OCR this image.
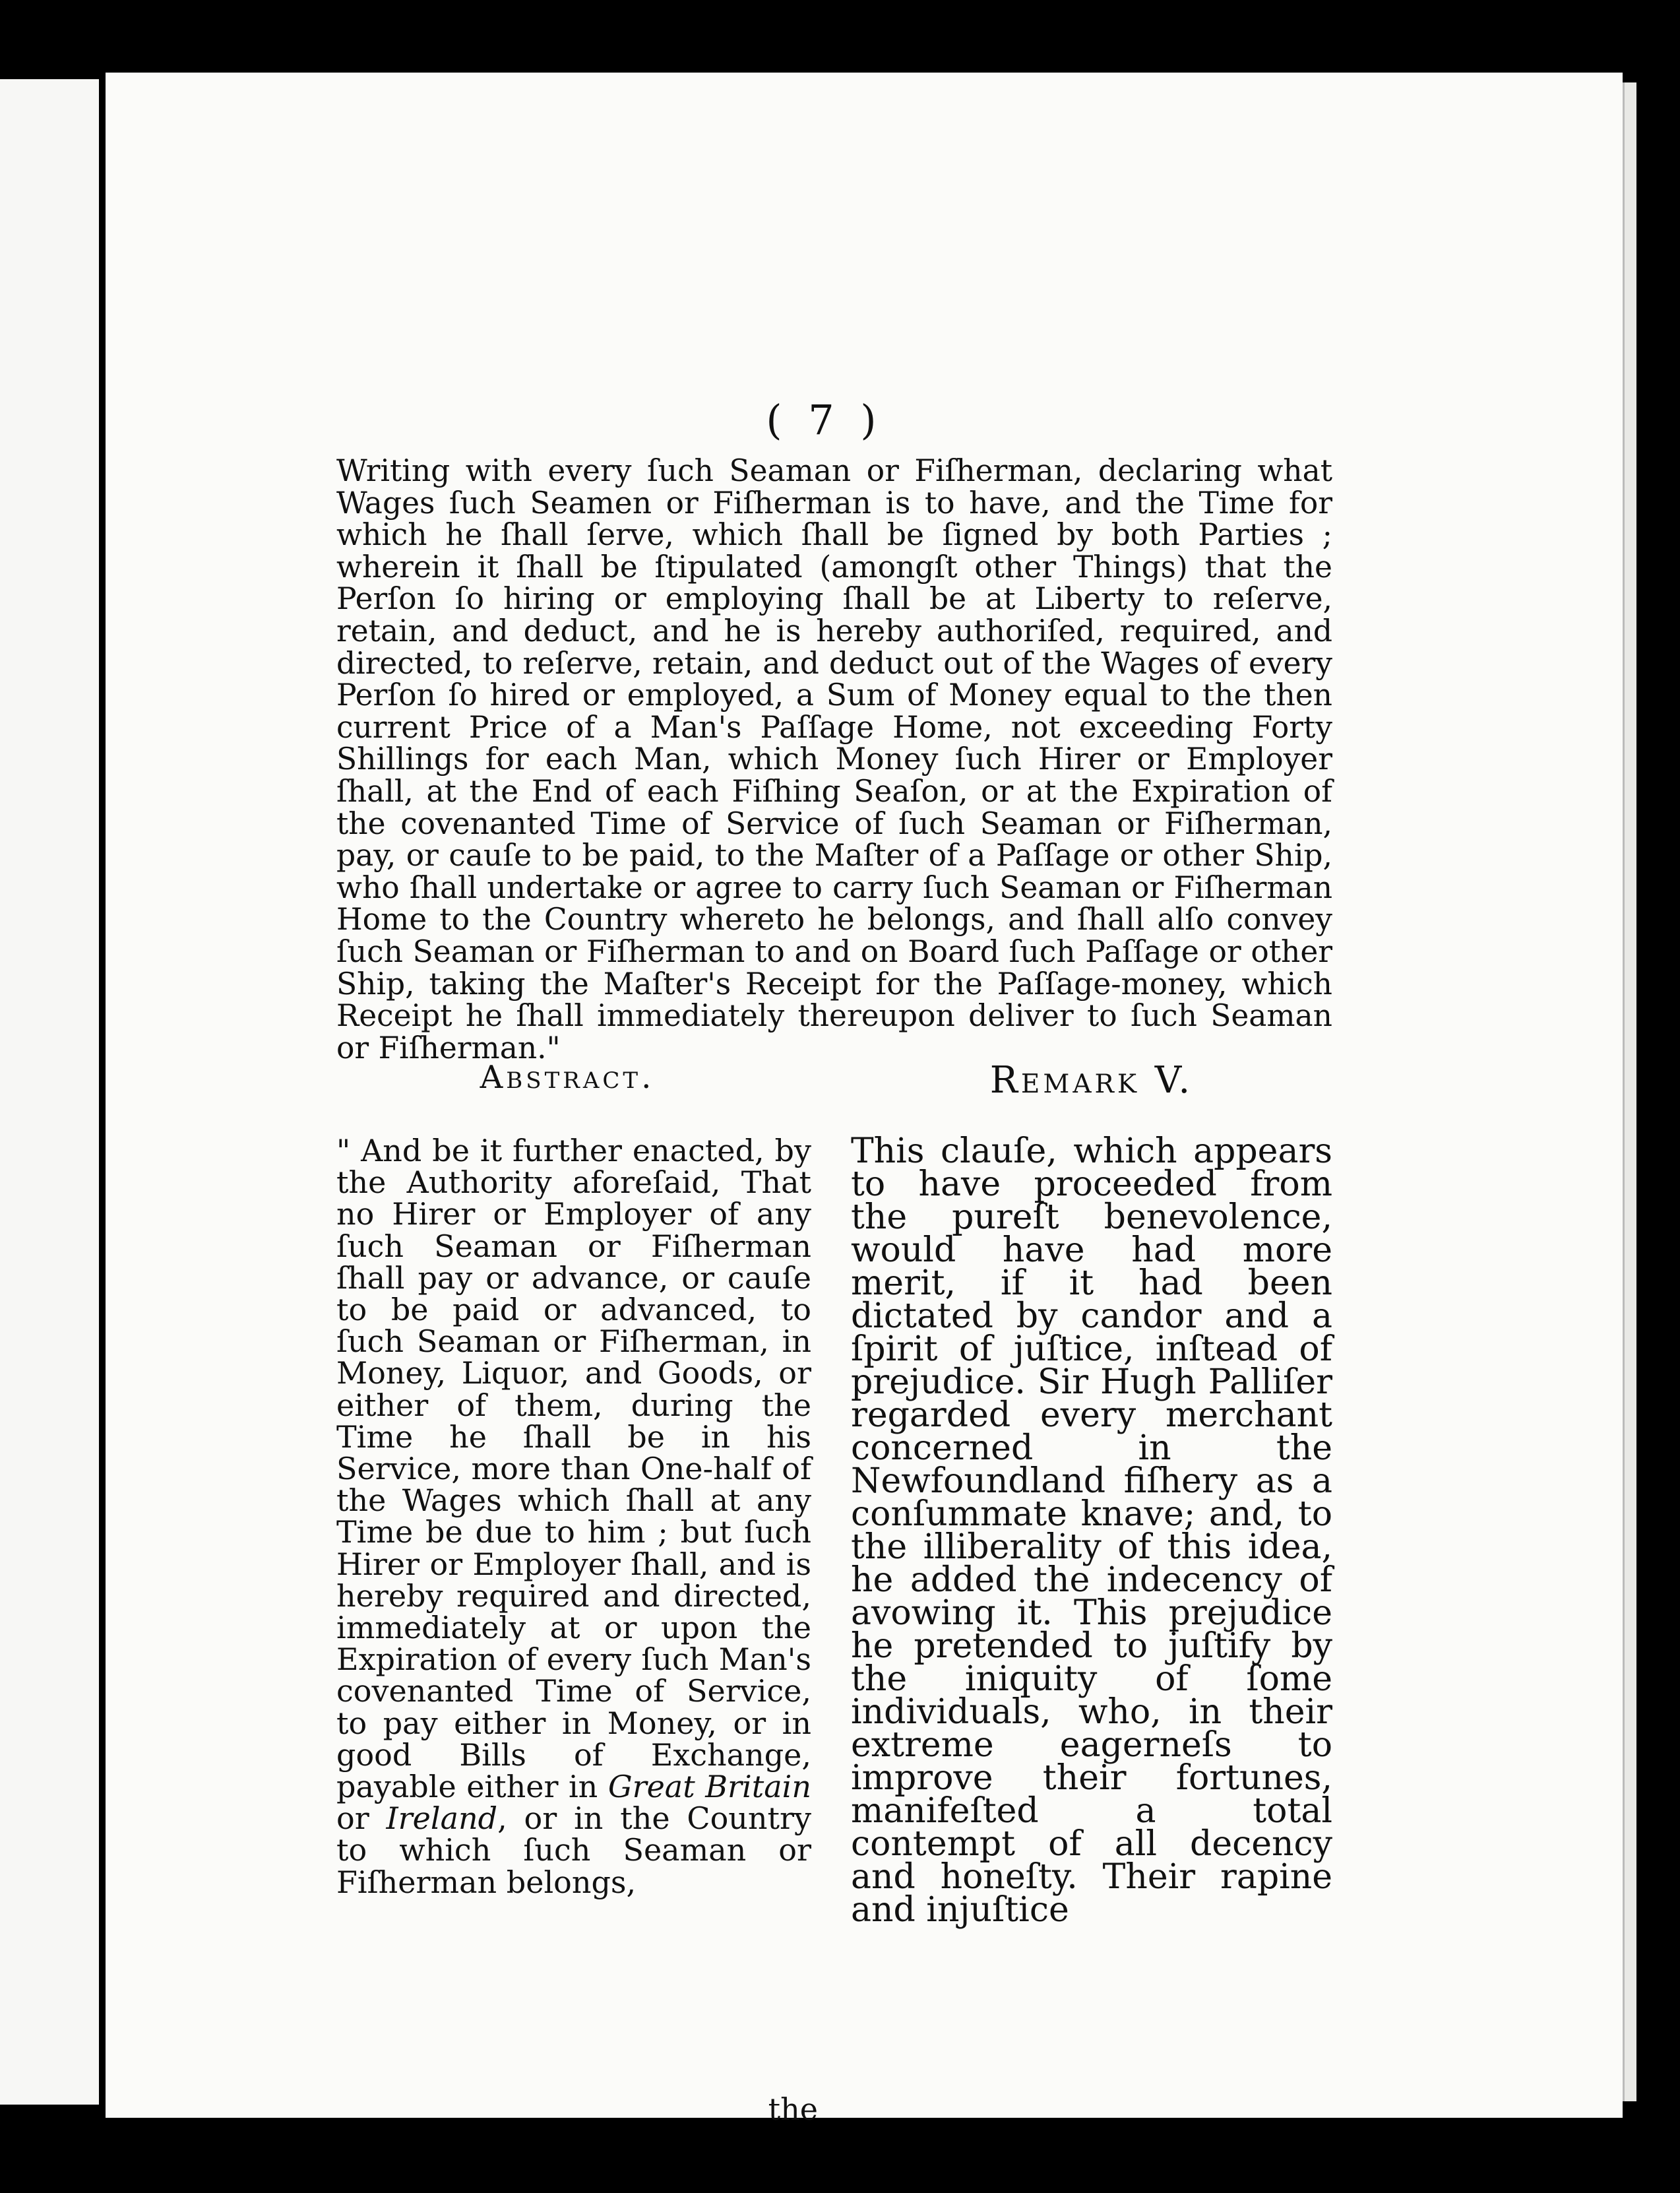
( 7 )

Writing with every ſuch Seaman or Fiſherman, declaring what Wages ſuch Seamen or Fiſherman is to have, and the Time for which he ſhall ſerve, which ſhall be ſigned by both Parties ; wherein it ſhall be ſtipulated (amongſt other Things) that the Perſon ſo hiring or employing ſhall be at Liberty to reſerve, retain, and deduct, and he is hereby authoriſed, required, and directed, to reſerve, retain, and deduct out of the Wages of every Perſon ſo hired or employed, a Sum of Money equal to the then current Price of a Man's Paſſage Home, not exceeding Forty Shillings for each Man, which Money ſuch Hirer or Employer ſhall, at the End of each Fiſhing Seaſon, or at the Expiration of the covenanted Time of Service of ſuch Seaman or Fiſherman, pay, or cauſe to be paid, to the Maſter of a Paſſage or other Ship, who ſhall undertake or agree to carry ſuch Seaman or Fiſherman Home to the Country whereto he belongs, and ſhall alſo convey ſuch Seaman or Fiſherman to and on Board ſuch Paſſage or other Ship, taking the Maſter's Receipt for the Paſſage-money, which Receipt he ſhall immediately thereupon deliver to ſuch Seaman or Fiſherman."

Abstract.	Remark V.

" And be it further enacted, by the Authority aforeſaid, That no Hirer or Employer of any ſuch Seaman or Fiſherman ſhall pay or advance, or cauſe to be paid or advanced, to ſuch Seaman or Fiſherman, in Money, Liquor, and Goods, or either of them, during the Time he ſhall be in his Service, more than One-half of the Wages which ſhall at any Time be due to him ; but ſuch Hirer or Employer ſhall, and is hereby required and directed, immediately at or upon the Expiration of every ſuch Man's covenanted Time of Service, to pay either in Money, or in good Bills of Exchange, payable either in Great Britain or Ireland, or in the Country to which ſuch Seaman or Fiſherman belongs,

the

This clauſe, which appears to have proceeded from the pureſt benevolence, would have had more merit, if it had been dictated by candor and a ſpirit of juſtice, inſtead of prejudice. Sir Hugh Palliſer regarded every merchant concerned in the Newfoundland fiſhery as a conſummate knave; and, to the illiberality of this idea, he added the indecency of avowing it. This prejudice he pretended to juſtify by the iniquity of ſome individuals, who, in their extreme eagerneſs to improve their fortunes, manifeſted a total contempt of all decency and honeſty. Their rapine and injuſtice
